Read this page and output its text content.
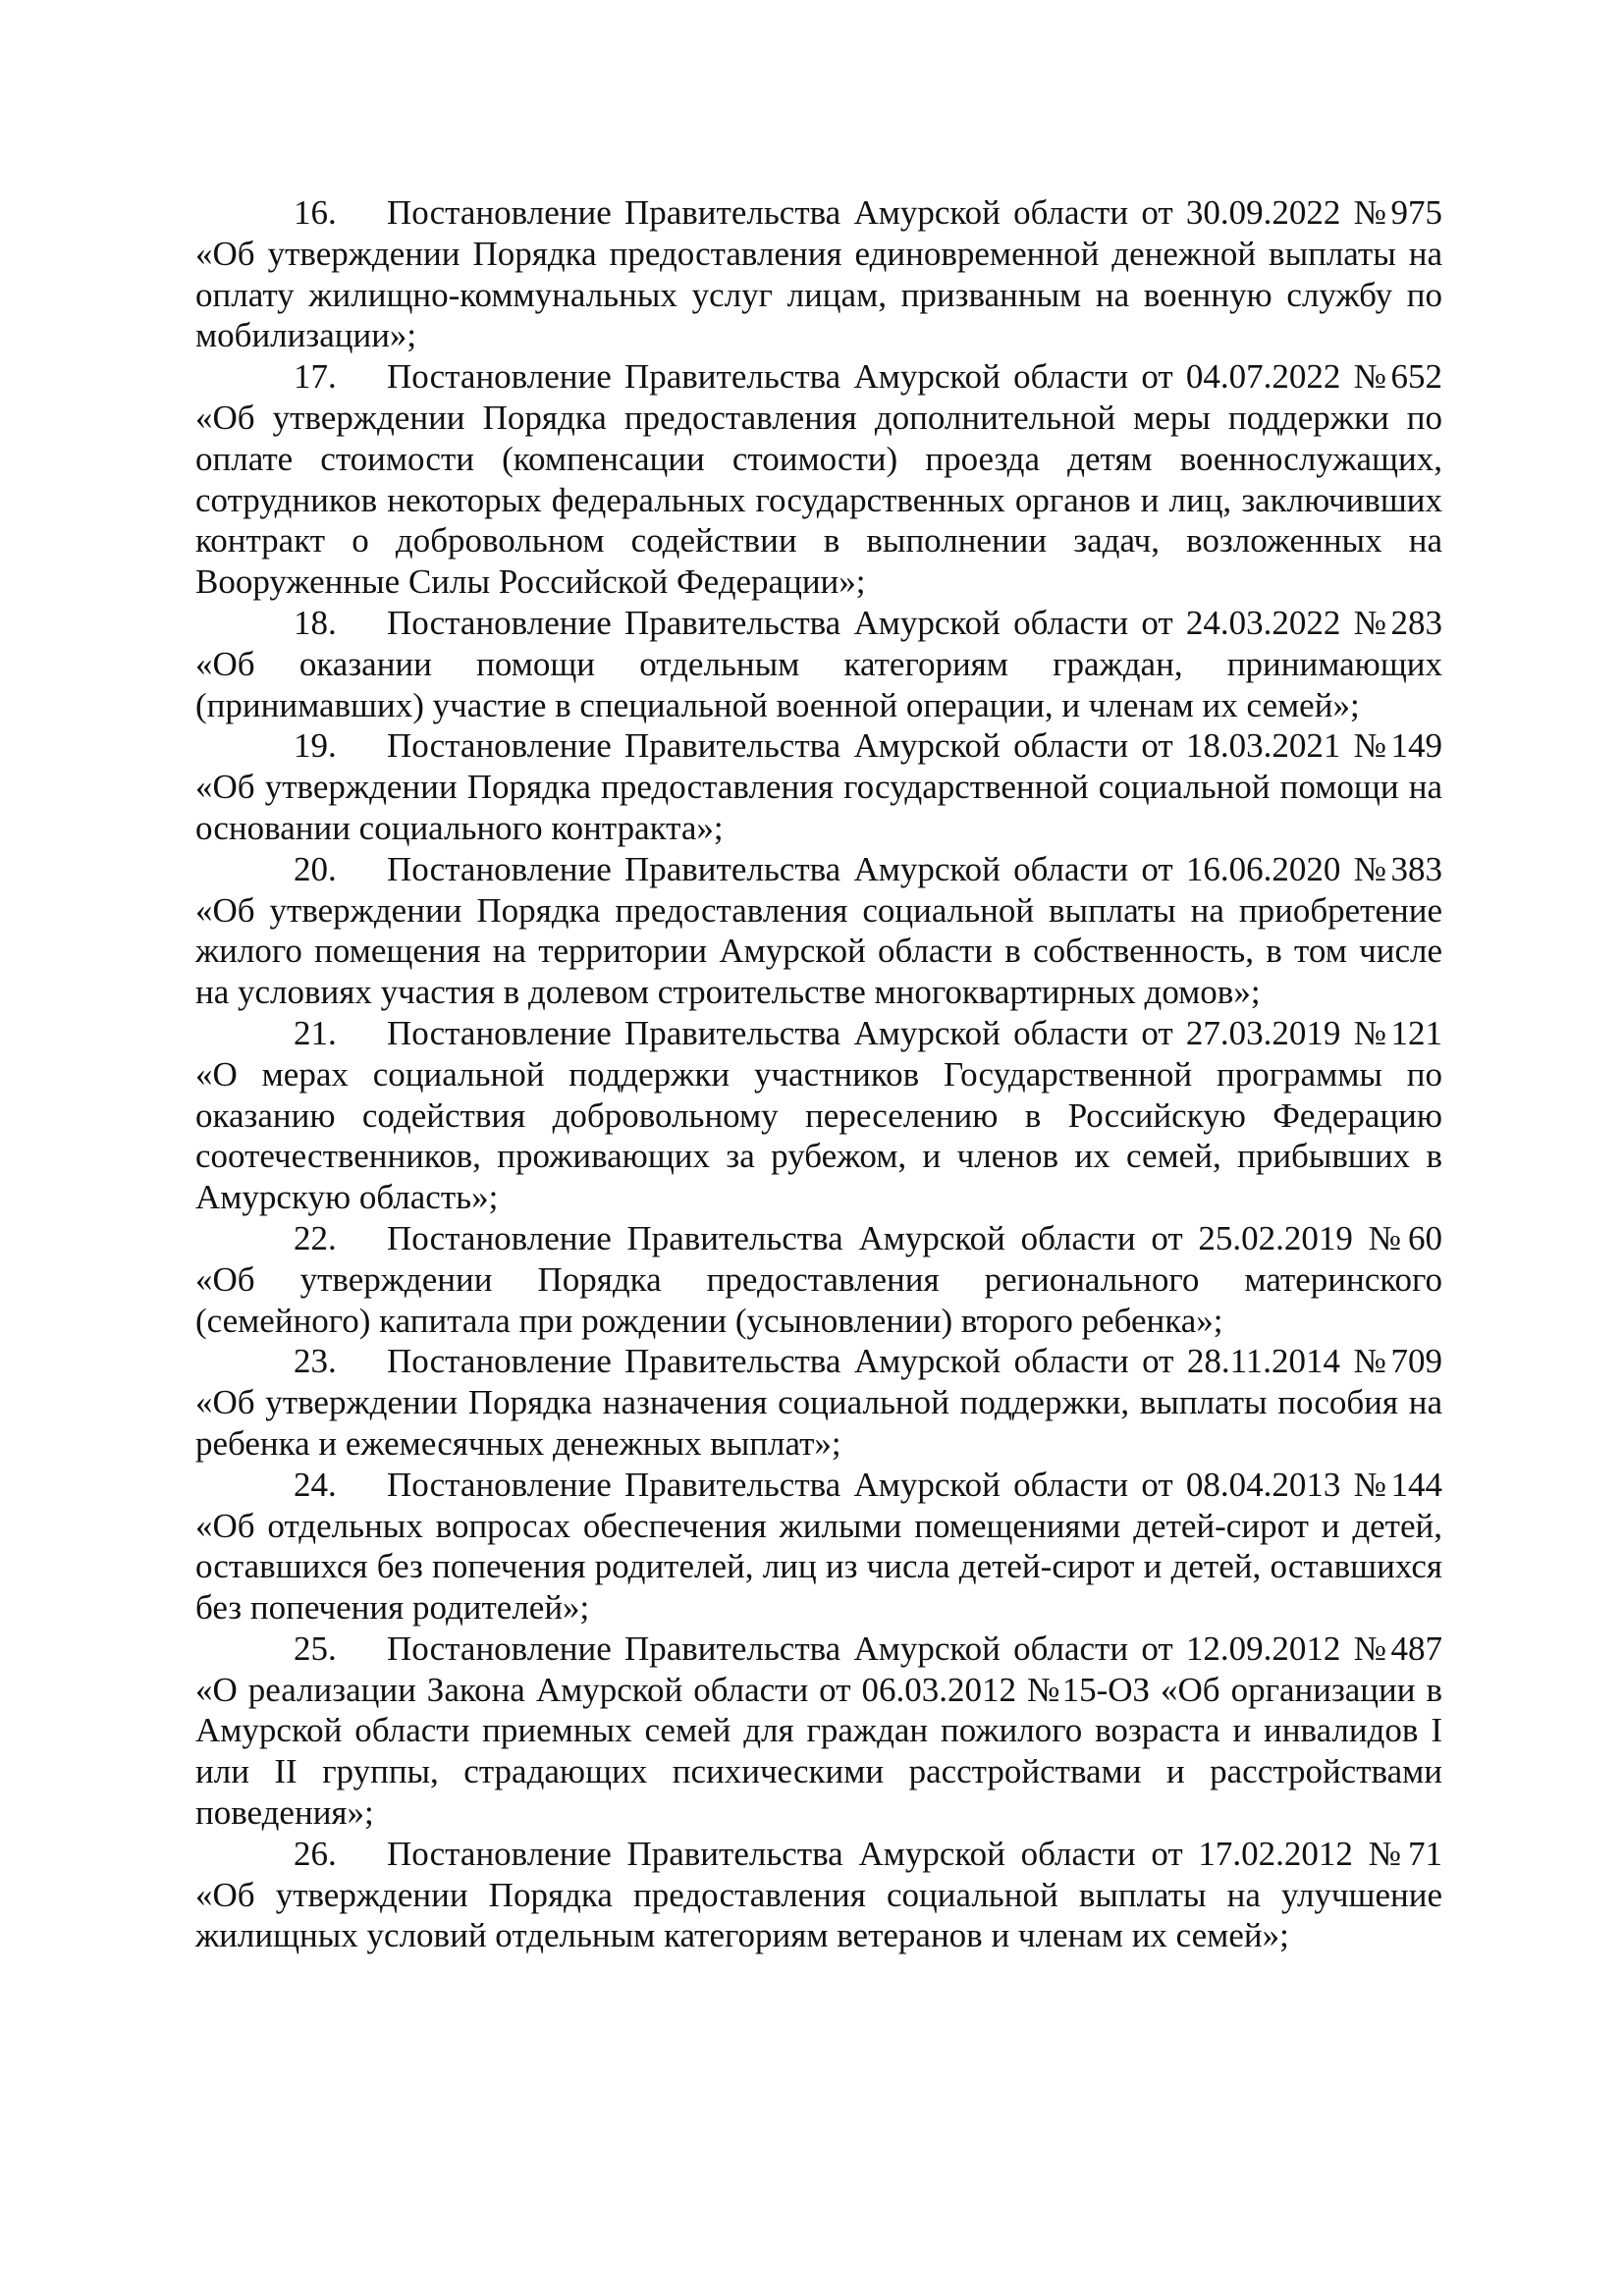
16. Постановление Правительства Амурской области от 30.09.2022 №975 «Об утверждении Порядка предоставления единовременной денежной выплаты на оплату жилищно-коммунальных услуг лицам, призванным на военную службу по мобилизации»;

17. Постановление Правительства Амурской области от 04.07.2022 №652 «Об утверждении Порядка предоставления дополнительной меры поддержки по оплате стоимости (компенсации стоимости) проезда детям военнослужащих, сотрудников некоторых федеральных государственных органов и лиц, заключивших контракт о добровольном содействии в выполнении задач, возложенных на Вооруженные Силы Российской Федерации»;

18. Постановление Правительства Амурской области от 24.03.2022 №283 «Об оказании помощи отдельным категориям граждан, принимающих (принимавших) участие в специальной военной операции, и членам их семей»;

19. Постановление Правительства Амурской области от 18.03.2021 №149 «Об утверждении Порядка предоставления государственной социальной помощи на основании социального контракта»;

20. Постановление Правительства Амурской области от 16.06.2020 №383 «Об утверждении Порядка предоставления социальной выплаты на приобретение жилого помещения на территории Амурской области в собственность, в том числе на условиях участия в долевом строительстве многоквартирных домов»;

21. Постановление Правительства Амурской области от 27.03.2019 №121 «О мерах социальной поддержки участников Государственной программы по оказанию содействия добровольному переселению в Российскую Федерацию соотечественников, проживающих за рубежом, и членов их семей, прибывших в Амурскую область»;

22. Постановление Правительства Амурской области от 25.02.2019 №60 «Об утверждении Порядка предоставления регионального материнского (семейного) капитала при рождении (усыновлении) второго ребенка»;

23. Постановление Правительства Амурской области от 28.11.2014 №709 «Об утверждении Порядка назначения социальной поддержки, выплаты пособия на ребенка и ежемесячных денежных выплат»;

24. Постановление Правительства Амурской области от 08.04.2013 №144 «Об отдельных вопросах обеспечения жилыми помещениями детей-сирот и детей, оставшихся без попечения родителей, лиц из числа детей-сирот и детей, оставшихся без попечения родителей»;

25. Постановление Правительства Амурской области от 12.09.2012 №487 «О реализации Закона Амурской области от 06.03.2012 №15-ОЗ «Об организации в Амурской области приемных семей для граждан пожилого возраста и инвалидов I или II группы, страдающих психическими расстройствами и расстройствами поведения»;

26. Постановление Правительства Амурской области от 17.02.2012 №71 «Об утверждении Порядка предоставления социальной выплаты на улучшение жилищных условий отдельным категориям ветеранов и членам их семей»;
